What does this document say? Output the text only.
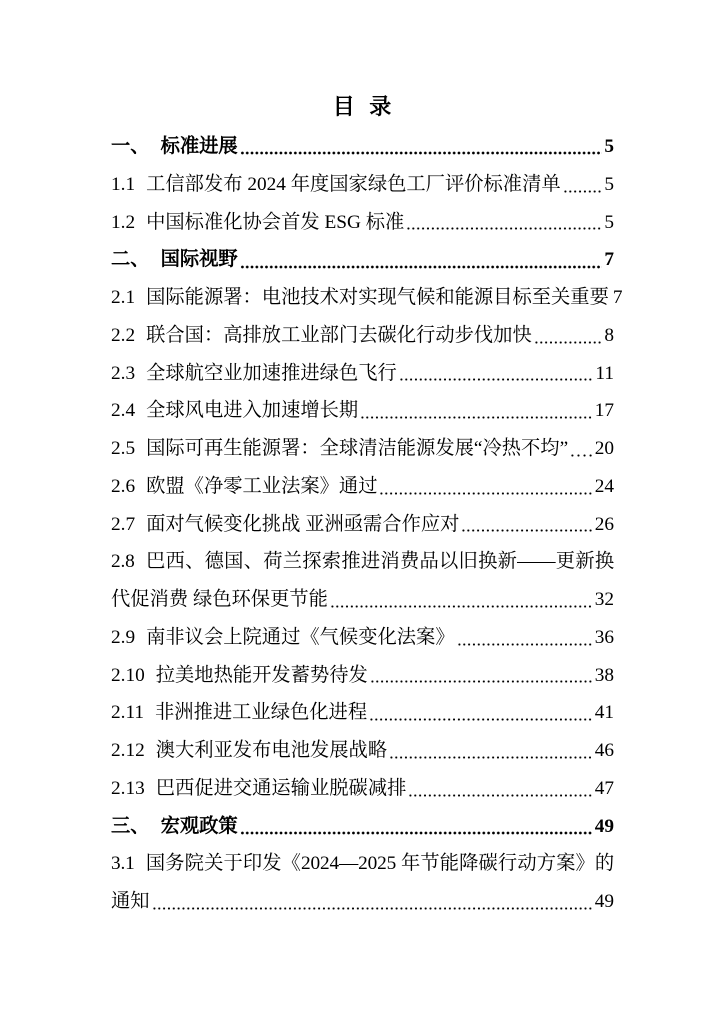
目 录
一、 标准进展	5
1.1 工信部发布 2024 年度国家绿色工厂评价标准清单 5
1.2 中国标准化协会首发 ESG 标准	5
二、 国际视野	7
2.1 国际能源署：电池技术对实现气候和能源目标至关重要 7
2.2 联合国：高排放工业部门去碳化行动步伐加快	8
2.3 全球航空业加速推进绿色飞行	11
2.4 全球风电进入加速增长期	17
2.5 国际可再生能源署：全球清洁能源发展“冷热不均” 20
2.6 欧盟《净零工业法案》通过	24
2.7 面对气候变化挑战 亚洲亟需合作应对	26
2.8 巴西、德国、荷兰探索推进消费品以旧换新——更新换
代促消费 绿色环保更节能	32
2.9 南非议会上院通过《气候变化法案》	36
2.10 拉美地热能开发蓄势待发	38
2.11 非洲推进工业绿色化进程	41
2.12 澳大利亚发布电池发展战略	46
2.13 巴西促进交通运输业脱碳减排	47
三、 宏观政策	49
3.1 国务院关于印发《2024—2025 年节能降碳行动方案》的
通知	49
